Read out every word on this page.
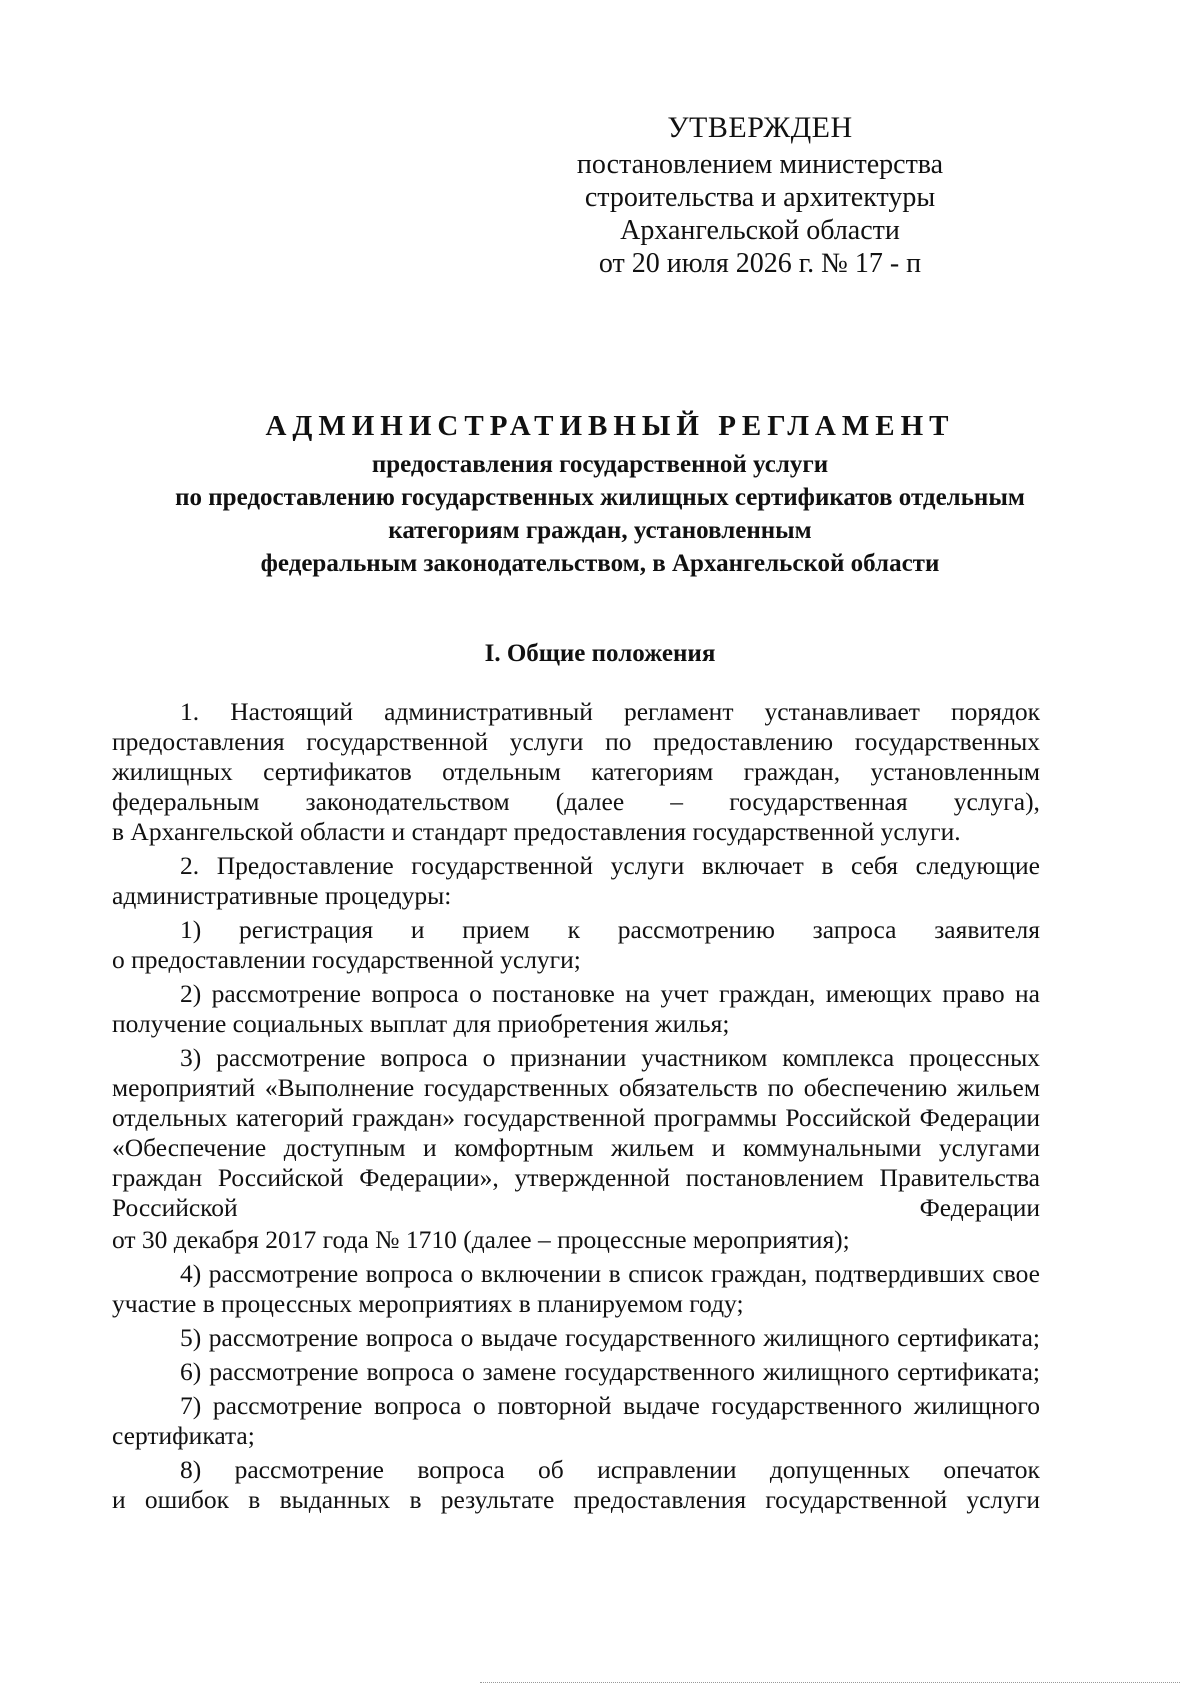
УТВЕРЖДЕН
постановлением министерства
строительства и архитектуры
Архангельской области
от 20 июля 2026 г. № 17 - п
АДМИНИСТРАТИВНЫЙ РЕГЛАМЕНТ
предоставления государственной услуги
по предоставлению государственных жилищных сертификатов отдельным
категориям граждан, установленным
федеральным законодательством, в Архангельской области
I. Общие положения
1. Настоящий административный регламент устанавливает порядок
предоставления государственной услуги по предоставлению государственных
жилищных сертификатов отдельным категориям граждан, установленным
федеральным законодательством (далее – государственная услуга),
в Архангельской области и стандарт предоставления государственной услуги.
2. Предоставление государственной услуги включает в себя следующие
административные процедуры:
1) регистрация и прием к рассмотрению запроса заявителя
о предоставлении государственной услуги;
2) рассмотрение вопроса о постановке на учет граждан, имеющих право на
получение социальных выплат для приобретения жилья;
3) рассмотрение вопроса о признании участником комплекса процессных
мероприятий «Выполнение государственных обязательств по обеспечению жильем
отдельных категорий граждан» государственной программы Российской Федерации
«Обеспечение доступным и комфортным жильем и коммунальными услугами
граждан Российской Федерации», утвержденной постановлением Правительства
Российской	Федерации
от 30 декабря 2017 года № 1710 (далее – процессные мероприятия);
4) рассмотрение вопроса о включении в список граждан, подтвердивших свое
участие в процессных мероприятиях в планируемом году;
5) рассмотрение вопроса о выдаче государственного жилищного сертификата;
6) рассмотрение вопроса о замене государственного жилищного сертификата;
7) рассмотрение вопроса о повторной выдаче государственного жилищного
сертификата;
8) рассмотрение вопроса об исправлении допущенных опечаток
и ошибок в выданных в результате предоставления государственной услуги
